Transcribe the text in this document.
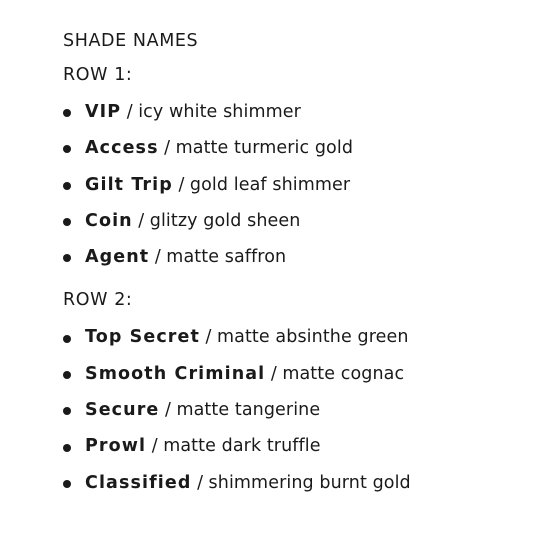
SHADE NAMES
ROW 1:
VIP / icy white shimmer
Access / matte turmeric gold
Gilt Trip / gold leaf shimmer
Coin / glitzy gold sheen
Agent / matte saffron
ROW 2:
Top Secret / matte absinthe green
Smooth Criminal / matte cognac
Secure / matte tangerine
Prowl / matte dark truffle
Classified / shimmering burnt gold
